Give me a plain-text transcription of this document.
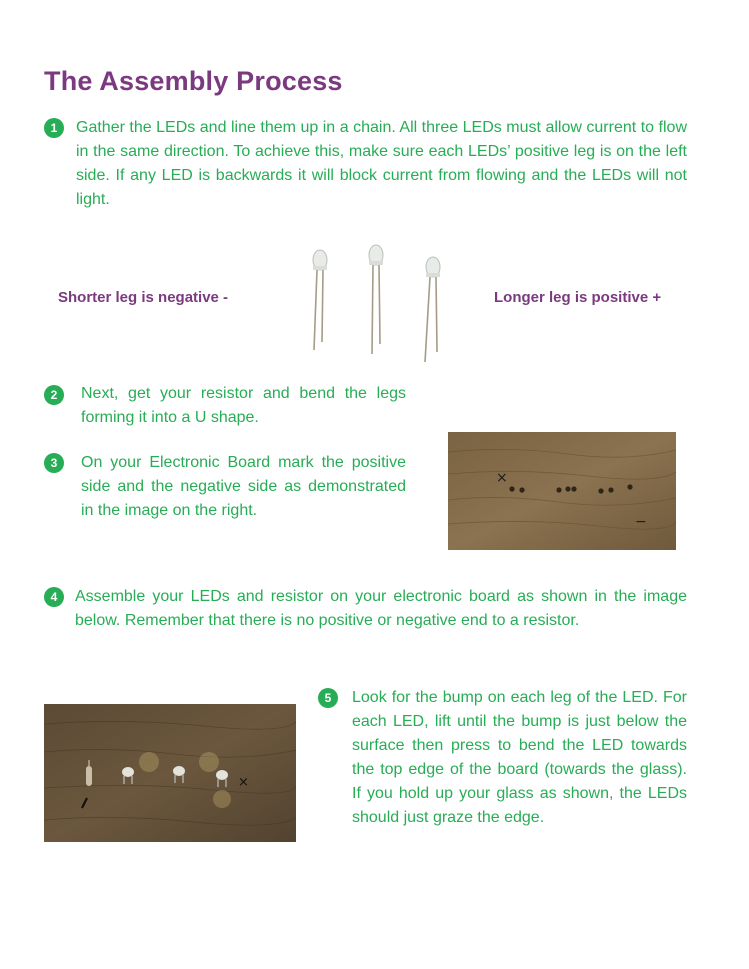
The Assembly Process
1	Gather the LEDs and line them up in a chain. All three LEDs must allow current to flow in the same direction. To achieve this, make sure each LEDs’ positive leg is on the left side. If any LED is backwards it will block current from flowing and the LEDs will not light.

Shorter leg is negative -	Longer leg is positive +

2	Next, get your resistor and bend the legs forming it into a U shape.

3	On your Electronic Board mark the positive side and the negative side as demonstrated in the image on the right.

×
−
4	Assemble your LEDs and resistor on your electronic board as shown in the image below. Remember that there is no positive or negative end to a resistor.

×
5	Look for the bump on each leg of the LED. For each LED, lift until the bump is just below the surface then press to bend the LED towards the top edge of the board (towards the glass). If you hold up your glass as shown, the LEDs should just graze the edge.
